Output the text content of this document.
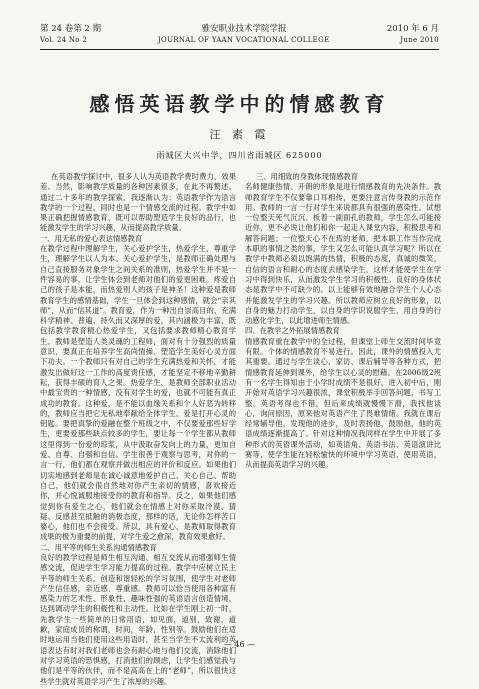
第 24 卷第 2 期	雅安职业技术学院学报	2010 年 6 月
Vol. 24 No 2	JOURNAL OF YAAN VOCATIONAL COLLEGE	June 2010
感悟英语教学中的情感教育
汪 素 霞
雨城区大兴中学，四川省雨城区 625000
在英语教学探讨中，很多人认为英语教学费时费力，效果差。当然，影响教学质量的各种因素很多，在此不再赘述。通过二十多年的教学探索，我逐渐认为：英语教学作为语言教学的一个过程，同时也是一个情感交流的过程。教学中如果正确把握情感教育，既可以帮助塑造学生良好的品行，也能激发学生的学习兴趣，从而提高教学质量。
一、用无私的爱心表达情感教育
在教学过程中理解学生，关心爱护学生，热爱学生，尊重学生，理解学生以人为本。关心爱护学生，是教师正确处理与自己直接服务对象学生之间关系的准则，热爱学生并不是一件容易的事，让学生体会到老师对他们的爱更困难。疼爱自己的孩子是本能，而热爱别人的孩子是神圣！这种爱是教师教育学生的感情基础，学生一旦体会到这种感情，就会“亲其师”，从而“信其道”。教育爱，作为一种出自崇高目的、充满科学精神、普遍、持久而又深厚的爱，其内涵极为丰富，既包括教学教育精心热爱学生，又包括要求教师精心教育学生。教师是塑造人类灵魂的工程师，面对有十分强烈的质量意识，要真正在培养学生高尚情操、塑造学生美好心灵方面下功夫。一个教师只有对自己的学生充满热爱和关怀，才能激发出做好这一工作的高度责任感，才能坚定不移地辛勤耕耘，获得丰硕的育人之果。热爱学生，是教师全部职业活动中最宝贵的一种情感，没有对学生的爱，也就不可能有真正成功的教育。这种爱，是不能以血缘关系和个人好恶为转移的，教师应当把它无私地奉献给全体学生。爱是打开心灵的钥匙。要把真挚的爱融在整个班级之中，不仅要爱那些好学生，更要爱那些缺点较多的学生，要让每一个学生都从教师这里得到一份爱的琼浆，从中汲取奋发向上的力量，更加自爱、自尊、自强和自信。学生很善于观察与思考，对你的一言一行，他们都在观察并做出相应的评价和反应。如果他们切实地感到老师是在诚心诚意地爱护自己、关心自己、帮助自己，他们就会很自然地对你产生亲切的情感，喜欢接近你，并心悦诚服地接受你的教育和指导。反之，如果他们感觉到你有爱生之心，他们就会在情感上对你采取冷漠、猜疑、反感甚至抵触的消极态度，那样的话，无论你怎样苦口婆心，他们也不会接受。所以，具有爱心，是教师取得教育成果的极为重要的前提，对学生爱之愈深，教育效果愈好。
二、用平等的师生关系沟通情感教育
良好的教学过程是师生相互沟通、相互交流从而增强师生情感交流，促进学生学习能力提高的过程。教学中应树立民主平等的师生关系，创造和谐轻松的学习氛围，使学生对老师产生信任感，亲近感、尊重感。教师可以恰当使用各种富有感染力的艺术性、形象性、趣味性强的英语语言创造情境，达到调动学生的积极性和主动性。比如在学生刚上初一时，先教学生一些简单的日常用语，如见面，道别，致谢，道歉，家庭成员的称谓，时间，年龄，性别等。鼓励他们在适时地运用当他们使用这些用语时，甚至当学生不太流利的英语表达有时对我们老师也会有耐心地与他们交流，消除他们对学习英语的恐惧感，打消他们的顾虑，让学生们感觉我与他们是平等的伙伴，而不是高高在上的“老师”，所以很快这些学生就对英语学习产生了浓厚的兴趣。
三、用细致的身教体现情感教育
名师健康热情、开朗的形象是进行情感教育的先决条件。教师教育学生不仅要靠口耳相传，更要注意言传身教的示范作用。教师的一言一行对学生来说都具有很强的感染性。试想一位整天死气沉沉、板着一副面孔的教师，学生怎么可能接近你，更不必说让他们和你一起走入课堂内容，积极思考和解答问题；一位整天心不在焉的老师，把本职工作当作完成本职的事情之类的事，学生又怎么可能认真学习呢？所以在教学中教师必须以饱满的热情，积极的态度，真诚的微笑，自信的语言和耐心的态度去感染学生，这样才能使学生在学习中得到快乐，从而激发学生学习的积极性。良好的身体状态是教学中不可缺少的。以上能够有效地融合学生个人心态并能激发学生的学习兴趣。所以教师应树立良好的形象，以自身的魅力打动学生，以自身的学识说服学生，用自身的行动感化学生，以此增进师生情感。
四、在教学之外拓展情感教育
情感教育重在教学中的全过程，但课堂上师生交流时间毕竟有限。个体的情感教育不易进行。因此，课外的情感投入尤其重要。通过与学生谈心、家访、课后辅导等各种方式，把情感教育延伸到课外，给学生以心灵的慰藉。在2006级2班有一名学生得知由于小学时成绩不是很好，进入初中后，刚开始对英语学习兴趣很浓，课堂积极举手回答问题，书写工整，英语考得也不错，但后来成绩就慢慢下滑，我找他谈心，询问原因，原来他对英语产生了畏难情绪。我就在课后经常辅导他，发现他的进步，及时表扬他，鼓励他，他的英语成绩逐渐提高了。针对这种情况我同样在学生中开展了多种形式的英语课外活动，如英语角、英语书法、英语演讲比赛等，使学生能在轻松愉快的环境中学习英语、使用英语，从而提高英语学习的兴趣。
— 46 —
